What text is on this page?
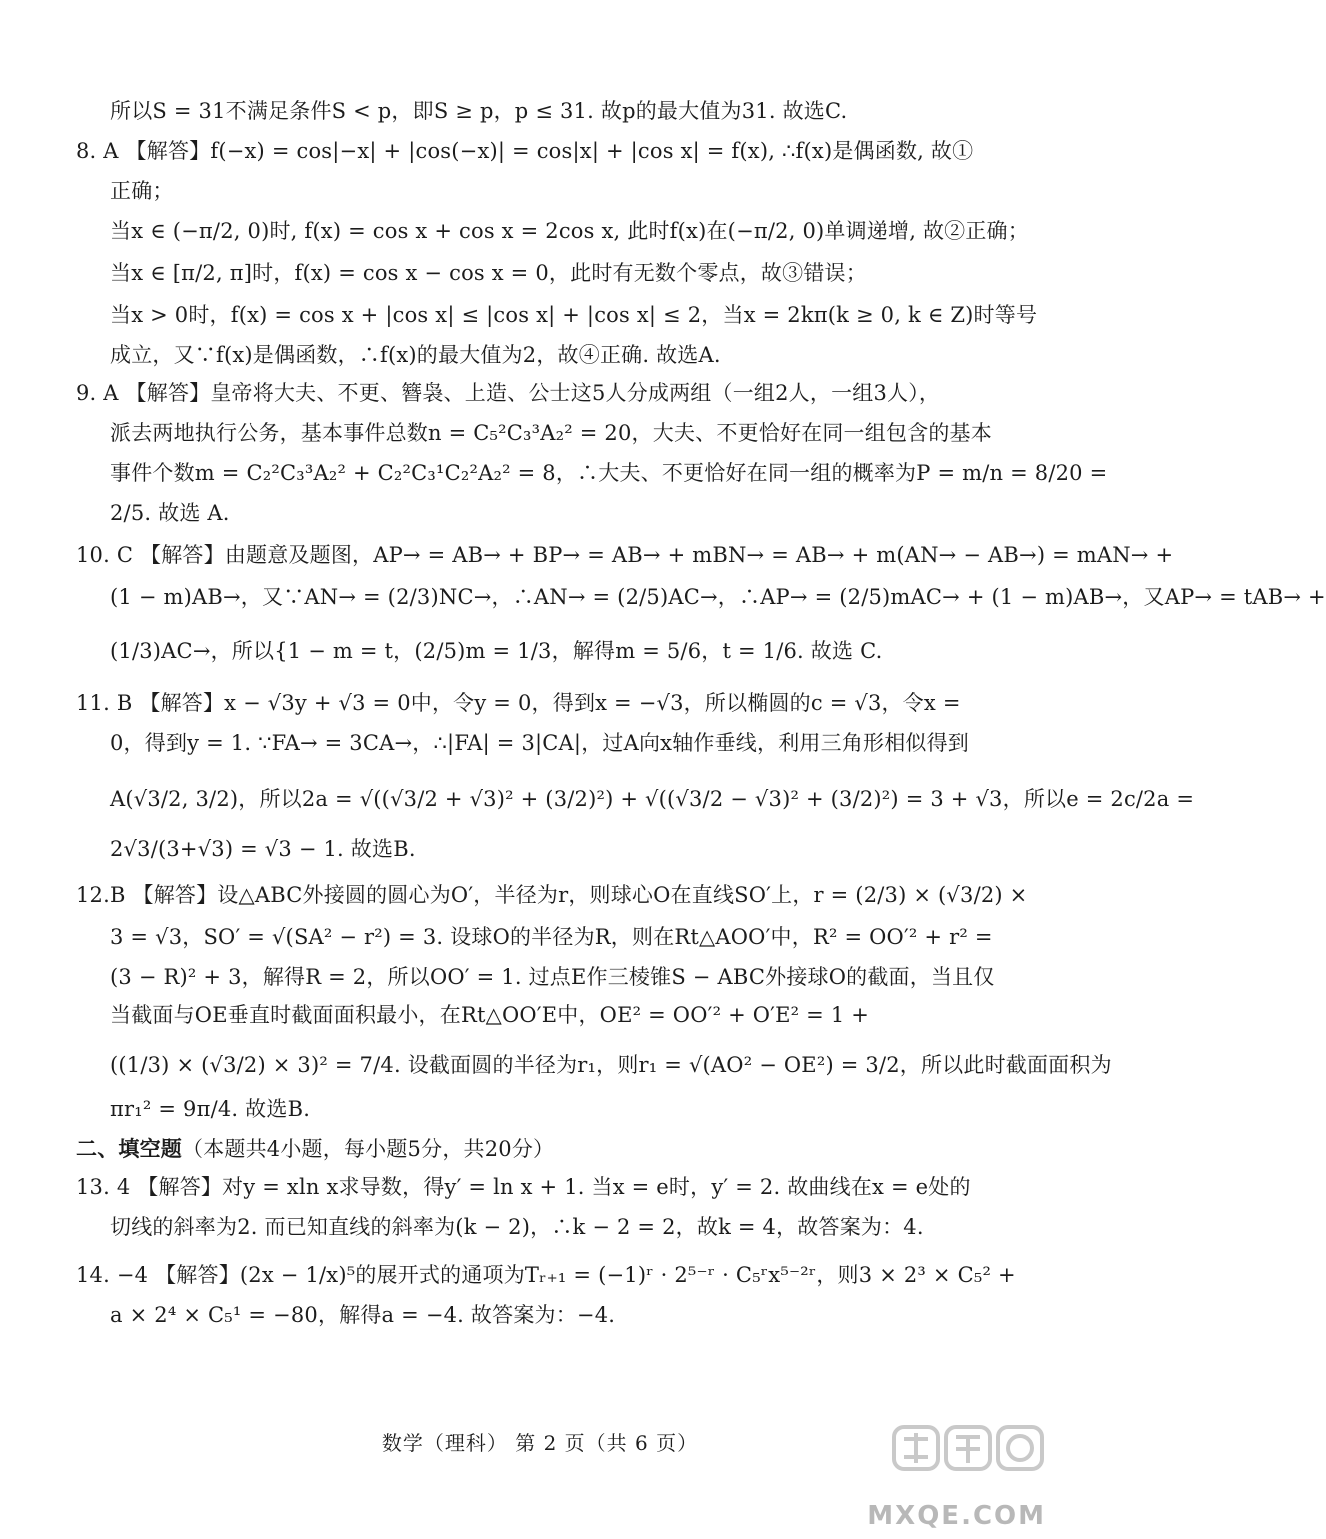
所以S = 31不满足条件S < p，即S ≥ p，p ≤ 31. 故p的最大值为31. 故选C.
8. A 【解答】f(−x) = cos|−x| + |cos(−x)| = cos|x| + |cos x| = f(x), ∴f(x)是偶函数, 故①
正确；
当x ∈ (−π/2, 0)时, f(x) = cos x + cos x = 2cos x, 此时f(x)在(−π/2, 0)单调递增, 故②正确；
当x ∈ [π/2, π]时，f(x) = cos x − cos x = 0，此时有无数个零点，故③错误；
当x > 0时，f(x) = cos x + |cos x| ≤ |cos x| + |cos x| ≤ 2，当x = 2kπ(k ≥ 0, k ∈ Z)时等号
成立，又∵f(x)是偶函数，∴f(x)的最大值为2，故④正确. 故选A.
9. A 【解答】皇帝将大夫、不更、簪袅、上造、公士这5人分成两组（一组2人，一组3人），
派去两地执行公务，基本事件总数n = C₅²C₃³A₂² = 20，大夫、不更恰好在同一组包含的基本
事件个数m = C₂²C₃³A₂² + C₂²C₃¹C₂²A₂² = 8，∴大夫、不更恰好在同一组的概率为P = m/n = 8/20 =
2/5. 故选 A.
10. C 【解答】由题意及题图，AP→ = AB→ + BP→ = AB→ + mBN→ = AB→ + m(AN→ − AB→) = mAN→ +
(1 − m)AB→，又∵AN→ = (2/3)NC→，∴AN→ = (2/5)AC→，∴AP→ = (2/5)mAC→ + (1 − m)AB→，又AP→ = tAB→ +
(1/3)AC→，所以{1 − m = t，(2/5)m = 1/3，解得m = 5/6，t = 1/6. 故选 C.
11. B 【解答】x − √3y + √3 = 0中，令y = 0，得到x = −√3，所以椭圆的c = √3，令x =
0，得到y = 1. ∵FA→ = 3CA→，∴|FA| = 3|CA|，过A向x轴作垂线，利用三角形相似得到
A(√3/2, 3/2)，所以2a = √((√3/2 + √3)² + (3/2)²) + √((√3/2 − √3)² + (3/2)²) = 3 + √3，所以e = 2c/2a =
2√3/(3+√3) = √3 − 1. 故选B.
12.B 【解答】设△ABC外接圆的圆心为O′，半径为r，则球心O在直线SO′上，r = (2/3) × (√3/2) ×
3 = √3，SO′ = √(SA² − r²) = 3. 设球O的半径为R，则在Rt△AOO′中，R² = OO′² + r² =
(3 − R)² + 3，解得R = 2，所以OO′ = 1. 过点E作三棱锥S − ABC外接球O的截面，当且仅
当截面与OE垂直时截面面积最小，在Rt△OO′E中，OE² = OO′² + O′E² = 1 +
((1/3) × (√3/2) × 3)² = 7/4. 设截面圆的半径为r₁，则r₁ = √(AO² − OE²) = 3/2，所以此时截面面积为
πr₁² = 9π/4. 故选B.
二、填空题（本题共4小题，每小题5分，共20分）
13. 4 【解答】对y = xln x求导数，得y′ = ln x + 1. 当x = e时，y′ = 2. 故曲线在x = e处的
切线的斜率为2. 而已知直线的斜率为(k − 2)，∴k − 2 = 2，故k = 4，故答案为：4.
14. −4 【解答】(2x − 1/x)⁵的展开式的通项为Tᵣ₊₁ = (−1)ʳ · 2⁵⁻ʳ · C₅ʳx⁵⁻²ʳ，则3 × 2³ × C₅² +
a × 2⁴ × C₅¹ = −80，解得a = −4. 故答案为：−4.
数学（理科） 第 2 页（共 6 页）
MXQE.COM
